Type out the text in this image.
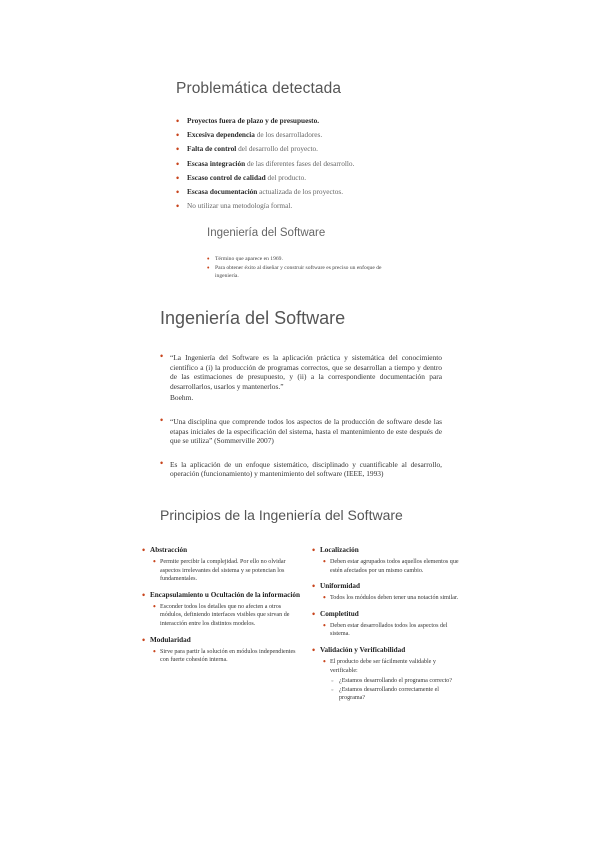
Problemática detectada
• Proyectos fuera de plazo y de presupuesto.
• Excesiva dependencia de los desarrolladores.
• Falta de control del desarrollo del proyecto.
• Escasa integración de las diferentes fases del desarrollo.
• Escaso control de calidad del producto.
• Escasa documentación actualizada de los proyectos.
• No utilizar una metodología formal.
Ingeniería del Software
• Término que aparece en 1969.
• Para obtener éxito al diseñar y construir software es preciso un enfoque de ingeniería.
Ingeniería del Software
• “La Ingeniería del Software es la aplicación práctica y sistemática del conocimiento científico a (i) la producción de programas correctos, que se desarrollan a tiempo y dentro de las estimaciones de presupuesto, y (ii) a la correspondiente documentación para desarrollarlos, usarlos y mantenerlos.”
Boehm.
• “Una disciplina que comprende todos los aspectos de la producción de software desde las etapas iniciales de la especificación del sistema, hasta el mantenimiento de este después de que se utiliza” (Sommerville 2007)
• Es la aplicación de un enfoque sistemático, disciplinado y cuantificable al desarrollo, operación (funcionamiento) y mantenimiento del software (IEEE, 1993)
Principios de la Ingeniería del Software
• Abstracción
• Permite percibir la complejidad. Por ello no olvidar aspectos irrelevantes del sistema y se potencian los fundamentales.
• Encapsulamiento u Ocultación de la información
• Esconder todos los detalles que no afecten a otros módulos, definiendo interfaces visibles que sirvan de interacción entre los distintos modelos.
• Modularidad
• Sirve para partir la solución en módulos independientes con fuerte cohesión interna.
• Localización
• Deben estar agrupados todos aquellos elementos que estén afectados por un mismo cambio.
• Uniformidad
• Todos los módulos deben tener una notación similar.
• Completitud
• Deben estar desarrollados todos los aspectos del sistema.
• Validación y Verificabilidad
• El producto debe ser fácilmente validable y verificable:
◦ ¿Estamos desarrollando el programa correcto?
◦ ¿Estamos desarrollando correctamente el programa?
